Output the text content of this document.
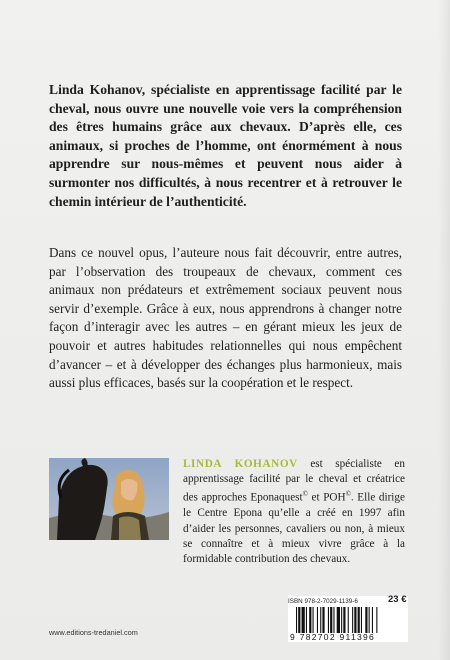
Linda Kohanov, spécialiste en apprentissage facilité par le cheval, nous ouvre une nouvelle voie vers la compréhension des êtres humains grâce aux chevaux. D’après elle, ces animaux, si proches de l’homme, ont énormément à nous apprendre sur nous-mêmes et peuvent nous aider à surmonter nos difficultés, à nous recentrer et à retrouver le chemin intérieur de l’authenticité.

Dans ce nouvel opus, l’auteure nous fait découvrir, entre autres, par l’observation des troupeaux de chevaux, comment ces animaux non prédateurs et extrêmement sociaux peuvent nous servir d’exemple. Grâce à eux, nous apprendrons à changer notre façon d’interagir avec les autres – en gérant mieux les jeux de pouvoir et autres habitudes relationnelles qui nous empêchent d’avancer – et à développer des échanges plus harmonieux, mais aussi plus efficaces, basés sur la coopération et le respect.

LINDA KOHANOV est spécialiste en apprentissage facilité par le cheval et créatrice des approches Eponaquest© et POH©. Elle dirige le Centre Epona qu’elle a créé en 1997 afin d’aider les personnes, cavaliers ou non, à mieux se connaître et à mieux vivre grâce à la formidable contribution des chevaux.

ISBN 978-2-7029-1139-6	23 €
9 782702 911396
www.editions-tredaniel.com
